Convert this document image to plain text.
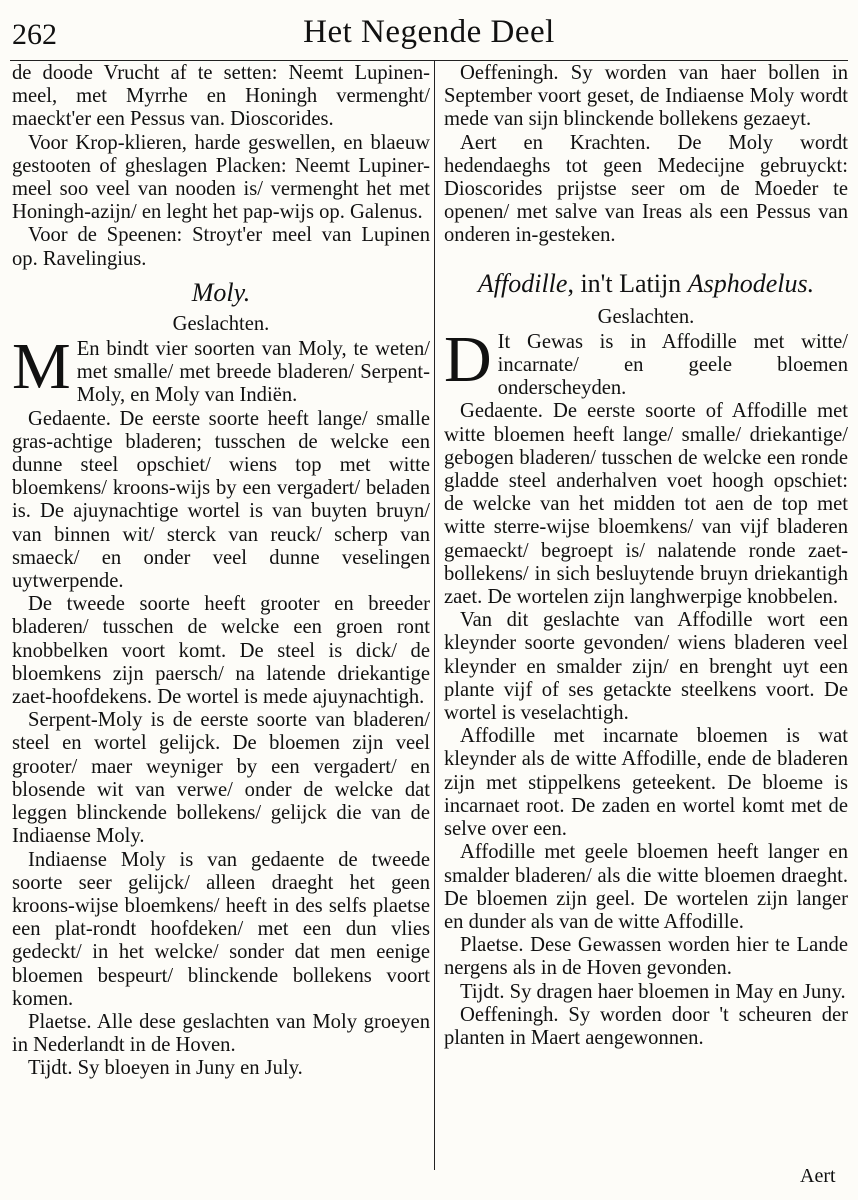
262	Het Negende Deel

de doode Vrucht af te setten: Neemt Lupinen-meel, met Myrrhe en Honingh vermenght/ maeckt'er een Pessus van. Dioscorides.

Voor Krop-klieren, harde geswellen, en blaeuw gestooten of gheslagen Placken: Neemt Lupiner-meel soo veel van nooden is/ vermenght het met Honingh-azijn/ en leght het pap-wijs op. Galenus.

Voor de Speenen: Stroyt'er meel van Lupinen op. Ravelingius.

Moly.
Geslachten.

M En bindt vier soorten van Moly, te weten/ met smalle/ met breede bladeren/ Serpent-Moly, en Moly van Indiën.

Gedaente. De eerste soorte heeft lange/ smalle gras-achtige bladeren; tusschen de welcke een dunne steel opschiet/ wiens top met witte bloemkens/ kroons-wijs by een vergadert/ beladen is. De ajuynachtige wortel is van buyten bruyn/ van binnen wit/ sterck van reuck/ scherp van smaeck/ en onder veel dunne veselingen uytwerpende.

De tweede soorte heeft grooter en breeder bladeren/ tusschen de welcke een groen ront knobbelken voort komt. De steel is dick/ de bloemkens zijn paersch/ na latende driekantige zaet-hoofdekens. De wortel is mede ajuynachtigh.

Serpent-Moly is de eerste soorte van bladeren/ steel en wortel gelijck. De bloemen zijn veel grooter/ maer weyniger by een vergadert/ en blosende wit van verwe/ onder de welcke dat leggen blinckende bollekens/ gelijck die van de Indiaense Moly.

Indiaense Moly is van gedaente de tweede soorte seer gelijck/ alleen draeght het geen kroons-wijse bloemkens/ heeft in des selfs plaetse een plat-rondt hoofdeken/ met een dun vlies gedeckt/ in het welcke/ sonder dat men eenige bloemen bespeurt/ blinckende bollekens voort komen.

Plaetse. Alle dese geslachten van Moly groeyen in Nederlandt in de Hoven.

Tijdt. Sy bloeyen in Juny en July.

Oeffeningh. Sy worden van haer bollen in September voort geset, de Indiaense Moly wordt mede van sijn blinckende bollekens gezaeyt.

Aert en Krachten. De Moly wordt hedendaeghs tot geen Medecijne gebruyckt: Dioscorides prijstse seer om de Moeder te openen/ met salve van Ireas als een Pessus van onderen in-gesteken.

Affodille, in't Latijn Asphodelus.
Geslachten.

D It Gewas is in Affodille met witte/ incarnate/ en geele bloemen onderscheyden.

Gedaente. De eerste soorte of Affodille met witte bloemen heeft lange/ smalle/ driekantige/ gebogen bladeren/ tusschen de welcke een ronde gladde steel anderhalven voet hoogh opschiet: de welcke van het midden tot aen de top met witte sterre-wijse bloemkens/ van vijf bladeren gemaeckt/ begroept is/ nalatende ronde zaet-bollekens/ in sich besluytende bruyn driekantigh zaet. De wortelen zijn langhwerpige knobbelen.

Van dit geslachte van Affodille wort een kleynder soorte gevonden/ wiens bladeren veel kleynder en smalder zijn/ en brenght uyt een plante vijf of ses getackte steelkens voort. De wortel is veselachtigh.

Affodille met incarnate bloemen is wat kleynder als de witte Affodille, ende de bladeren zijn met stippelkens geteekent. De bloeme is incarnaet root. De zaden en wortel komt met de selve over een.

Affodille met geele bloemen heeft langer en smalder bladeren/ als die witte bloemen draeght. De bloemen zijn geel. De wortelen zijn langer en dunder als van de witte Affodille.

Plaetse. Dese Gewassen worden hier te Lande nergens als in de Hoven gevonden.

Tijdt. Sy dragen haer bloemen in May en Juny.

Oeffeningh. Sy worden door 't scheuren der planten in Maert aengewonnen.

Aert
